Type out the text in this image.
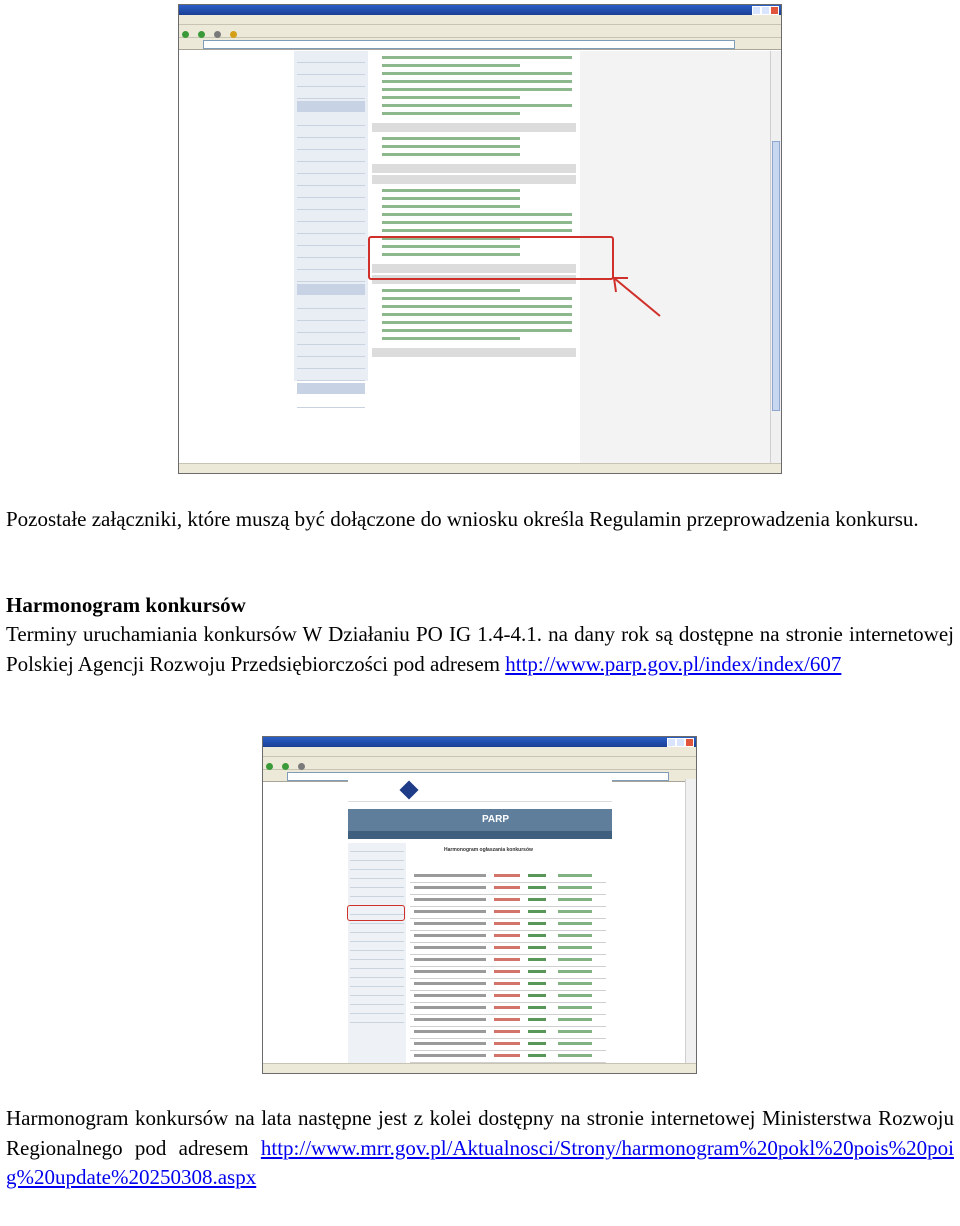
Pozostałe załączniki, które muszą być dołączone do wniosku określa Regulamin przeprowadzenia konkursu.

Harmonogram konkursów

Terminy uruchamiania konkursów W Działaniu PO IG 1.4-4.1. na dany rok są dostępne na stronie internetowej Polskiej Agencji Rozwoju Przedsiębiorczości pod adresem http://www.parp.gov.pl/index/index/607

PARP
Harmonogram ogłaszania konkursów

Harmonogram konkursów na lata następne jest z kolei dostępny na stronie internetowej Ministerstwa Rozwoju Regionalnego pod adresem http://www.mrr.gov.pl/Aktualnosci/Strony/harmonogram%20pokl%20pois%20poig%20update%20250308.aspx
